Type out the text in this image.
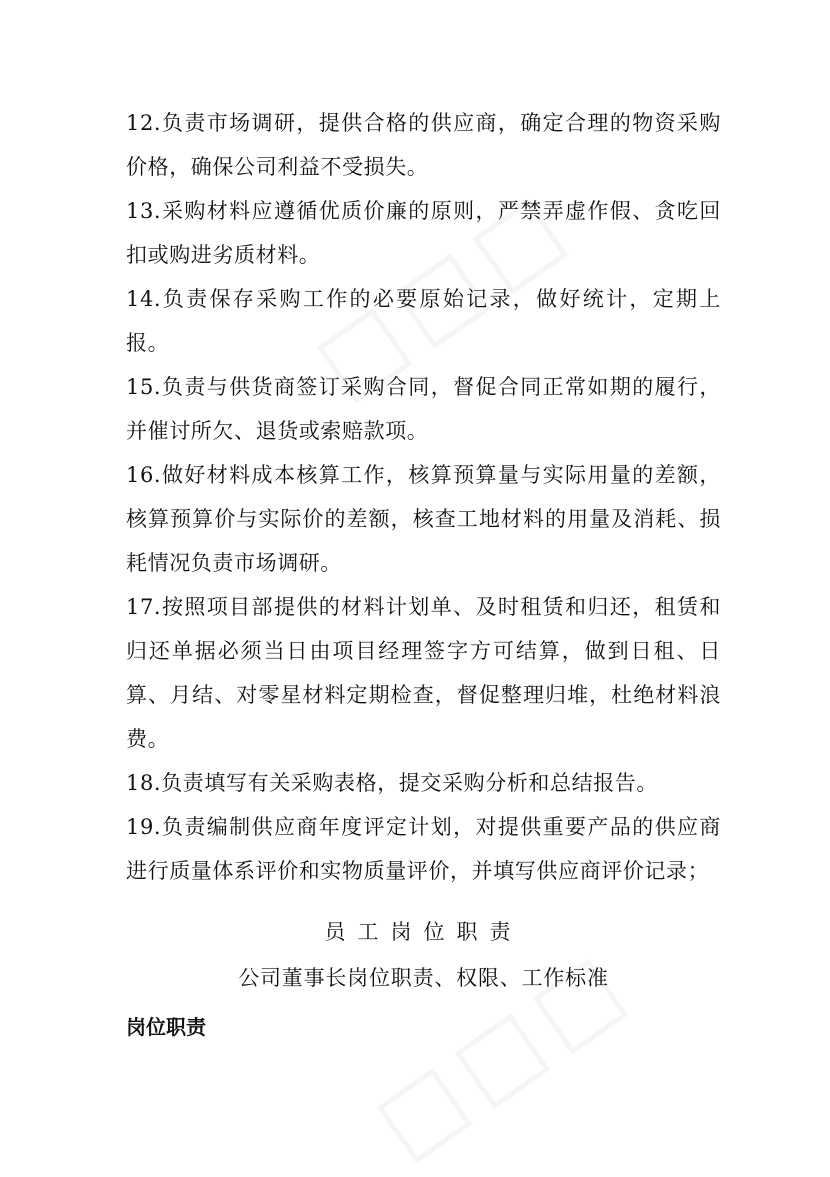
12.负责市场调研，提供合格的供应商，确定合理的物资采购价格，确保公司利益不受损失。

13.采购材料应遵循优质价廉的原则，严禁弄虚作假、贪吃回扣或购进劣质材料。

14.负责保存采购工作的必要原始记录，做好统计，定期上报。

15.负责与供货商签订采购合同，督促合同正常如期的履行，并催讨所欠、退货或索赔款项。

16.做好材料成本核算工作，核算预算量与实际用量的差额，核算预算价与实际价的差额，核查工地材料的用量及消耗、损耗情况负责市场调研。

17.按照项目部提供的材料计划单、及时租赁和归还，租赁和归还单据必须当日由项目经理签字方可结算，做到日租、日算、月结、对零星材料定期检查，督促整理归堆，杜绝材料浪费。

18.负责填写有关采购表格，提交采购分析和总结报告。

19.负责编制供应商年度评定计划，对提供重要产品的供应商进行质量体系评价和实物质量评价，并填写供应商评价记录；

员工岗位职责

公司董事长岗位职责、权限、工作标准

岗位职责
